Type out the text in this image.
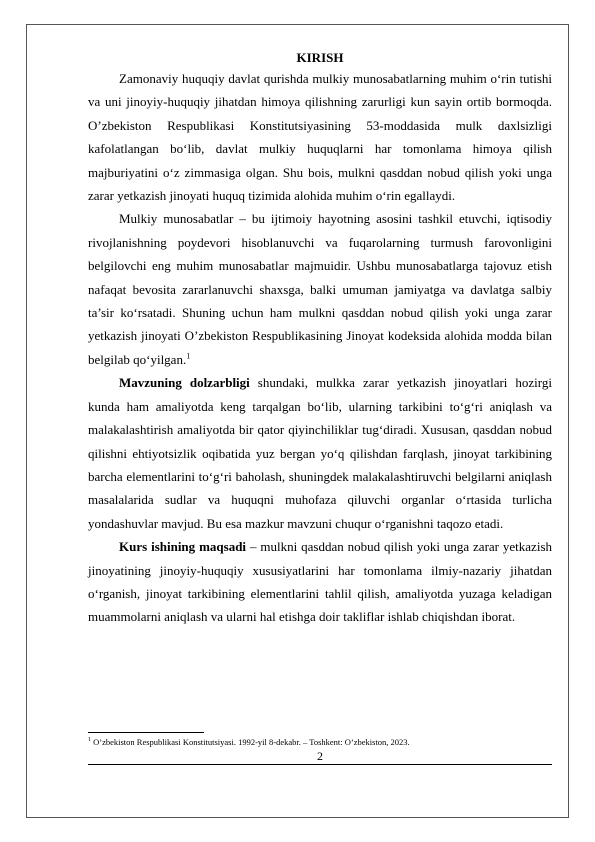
KIRISH

Zamonaviy huquqiy davlat qurishda mulkiy munosabatlarning muhim o‘rin tutishi va uni jinoyiy-huquqiy jihatdan himoya qilishning zarurligi kun sayin ortib bormoqda. O’zbekiston Respublikasi Konstitutsiyasining 53-moddasida mulk daxlsizligi kafolatlangan bo‘lib, davlat mulkiy huquqlarni har tomonlama himoya qilish majburiyatini o‘z zimmasiga olgan. Shu bois, mulkni qasddan nobud qilish yoki unga zarar yetkazish jinoyati huquq tizimida alohida muhim o‘rin egallaydi.

Mulkiy munosabatlar – bu ijtimoiy hayotning asosini tashkil etuvchi, iqtisodiy rivojlanishning poydevori hisoblanuvchi va fuqarolarning turmush farovonligini belgilovchi eng muhim munosabatlar majmuidir. Ushbu munosabatlarga tajovuz etish nafaqat bevosita zararlanuvchi shaxsga, balki umuman jamiyatga va davlatga salbiy ta’sir ko‘rsatadi. Shuning uchun ham mulkni qasddan nobud qilish yoki unga zarar yetkazish jinoyati O’zbekiston Respublikasining Jinoyat kodeksida alohida modda bilan belgilab qo‘yilgan.$^1$

Mavzuning dolzarbligi shundaki, mulkka zarar yetkazish jinoyatlari hozirgi kunda ham amaliyotda keng tarqalgan bo‘lib, ularning tarkibini to‘g‘ri aniqlash va malakalashtirish amaliyotda bir qator qiyinchiliklar tug‘diradi. Xususan, qasddan nobud qilishni ehtiyotsizlik oqibatida yuz bergan yo‘q qilishdan farqlash, jinoyat tarkibining barcha elementlarini to‘g‘ri baholash, shuningdek malakalashtiruvchi belgilarni aniqlash masalalarida sudlar va huquqni muhofaza qiluvchi organlar o‘rtasida turlicha yondashuvlar mavjud. Bu esa mazkur mavzuni chuqur o‘rganishni taqozo etadi.

Kurs ishining maqsadi – mulkni qasddan nobud qilish yoki unga zarar yetkazish jinoyatining jinoyiy-huquqiy xususiyatlarini har tomonlama ilmiy-nazariy jihatdan o‘rganish, jinoyat tarkibining elementlarini tahlil qilish, amaliyotda yuzaga keladigan muammolarni aniqlash va ularni hal etishga doir takliflar ishlab chiqishdan iborat.

$^1$ O’zbekiston Respublikasi Konstitutsiyasi. 1992-yil 8-dekabr. – Toshkent: O’zbekiston, 2023.
2
